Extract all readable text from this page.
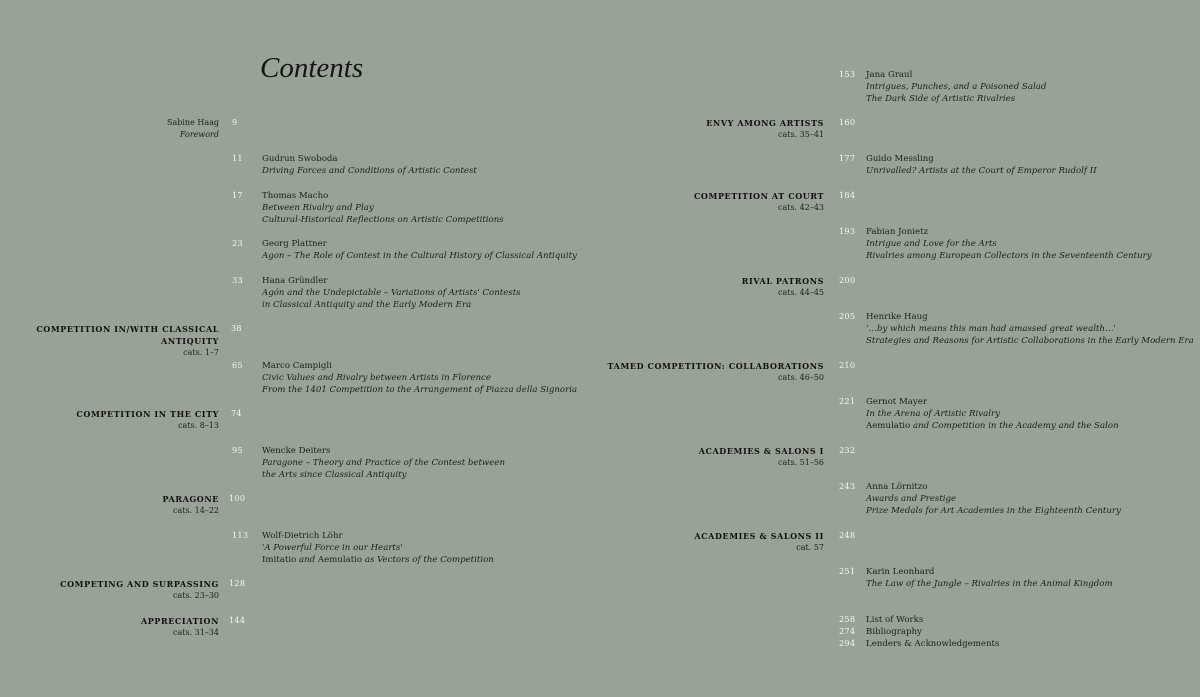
Contents
Sabine Haag
Foreword
9
11 Gudrun Swoboda
Driving Forces and Conditions of Artistic Contest
17 Thomas Macho
Between Rivalry and Play
Cultural-Historical Reflections on Artistic Competitions
23 Georg Plattner
Agon – The Role of Contest in the Cultural History of Classical Antiquity
33 Hana Gründler
Agón and the Undepictable – Variations of Artists' Contests
in Classical Antiquity and the Early Modern Era
65 Marco Campigli
Civic Values and Rivalry between Artists in Florence
From the 1401 Competition to the Arrangement of Piazza della Signoria
95 Wencke Deiters
Paragone – Theory and Practice of the Contest between
the Arts since Classical Antiquity
113 Wolf-Dietrich Löhr
'A Powerful Force in our Hearts'
Imitatio and Aemulatio as Vectors of the Competition
COMPETITION IN/WITH CLASSICAL ANTIQUITY
cats. 1–7
38
COMPETITION IN THE CITY
cats. 8–13
74
PARAGONE
cats. 14–22
100
COMPETING AND SURPASSING
cats. 23–30
128
APPRECIATION
cats. 31–34
144
153 Jana Graul
Intrigues, Punches, and a Poisoned Salad
The Dark Side of Artistic Rivalries
177 Guido Messling
Unrivalled? Artists at the Court of Emperor Rudolf II
193 Fabian Jonietz
Intrigue and Love for the Arts
Rivalries among European Collectors in the Seventeenth Century
205 Henrike Haug
'…by which means this man had amassed great wealth…'
Strategies and Reasons for Artistic Collaborations in the Early Modern Era
221 Gernot Mayer
In the Arena of Artistic Rivalry
Aemulatio and Competition in the Academy and the Salon
243 Anna Lörnitzo
Awards and Prestige
Prize Medals for Art Academies in the Eighteenth Century
251 Karin Leonhard
The Law of the Jungle – Rivalries in the Animal Kingdom
ENVY AMONG ARTISTS
cats. 35–41
160
COMPETITION AT COURT
cats. 42–43
184
RIVAL PATRONS
cats. 44–45
200
TAMED COMPETITION: COLLABORATIONS
cats. 46–50
210
ACADEMIES & SALONS I
cats. 51–56
232
ACADEMIES & SALONS II
cat. 57
248
258 List of Works
274 Bibliography
294 Lenders & Acknowledgements
